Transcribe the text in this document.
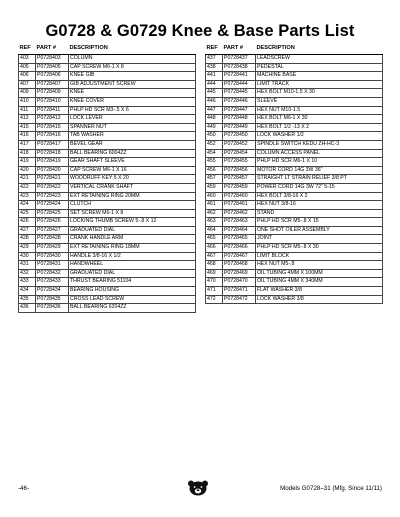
G0728 & G0729 Knee & Base Parts List
REF	PART #	DESCRIPTION
403	P0728403	COLUMN
405	P0728405	CAP SCREW M6-1 X 8
406	P0728406	KNEE GIB
407	P0728407	GIB ADJUSTMENT SCREW
409	P0728409	KNEE
410	P0728410	KNEE COVER
411	P0728411	PHLP HD SCR M3-.5 X 6
412	P0728412	LOCK LEVER
415	P0728415	SPANNER NUT
416	P0728416	TAB WASHER
417	P0728417	BEVEL GEAR
418	P0728418	BALL BEARING 6004ZZ
419	P0728419	GEAR SHAFT SLEEVE
420	P0728420	CAP SCREW M6-1 X 16
421	P0728421	WOODRUFF KEY 5 X 20
422	P0728422	VERTICAL CRANK SHAFT
423	P0728423	EXT RETAINING RING 20MM
424	P0728424	CLUTCH
425	P0728425	SET SCREW M6-1 X 8
426	P0728426	LOCKING THUMB SCREW 5-.8 X 12
427	P0728427	GRADUATED DIAL
428	P0728428	CRANK HANDLE ARM
429	P0728429	EXT RETAINING RING 18MM
430	P0728430	HANDLE 3/8-16 X 1/2
431	P0728431	HANDWHEEL
432	P0728432	GRADUATED DIAL
433	P0728433	THRUST BEARING 51104
434	P0728434	BEARING HOUSING
435	P0728435	CROSS LEAD SCREW
436	P0728436	BALL BEARING 6204ZZ
REF	PART #	DESCRIPTION
437	P0728437	LEADSCREW
438	P0728438	PEDESTAL
441	P0728441	MACHINE BASE
444	P0728444	LIMIT TRACK
445	P0728445	HEX BOLT M10-1.5 X 30
446	P0728446	SLEEVE
447	P0728447	HEX NUT M10-1.5
448	P0728448	HEX BOLT M6-1 X 30
449	P0728449	HEX BOLT 1/2 -13 X 2
450	P0728450	LOCK WASHER 1/2
452	P0728452	SPINDLE SWITCH KEDU ZH-HC-3
454	P0728454	COLUMN ACCESS PANEL
455	P0728455	PHLP HD SCR M6-1 X 10
456	P0728456	MOTOR CORD 14G 3W 36"
457	P0728457	STRAIGHT LT STRAIN RELIEF 3/8 PT
459	P0728459	POWER CORD 14G 3W 72" 5-15
460	P0728460	HEX BOLT 3/8-16 X 2
461	P0728461	HEX NUT 3/8-16
462	P0728462	STAND
463	P0728463	PHLP HD SCR M5-.8 X 15
464	P0728464	ONE SHOT OILER ASSEMBLY
465	P0728465	JOINT
466	P0728466	PHLP HD SCR M5-.8 X 30
467	P0728467	LIMIT BLOCK
468	P0728468	HEX NUT M5-.8
469	P0728469	OIL TUBING 4MM X 100MM
470	P0728470	OIL TUBING 4MM X 340MM
471	P0728471	FLAT WASHER 3/8
472	P0728472	LOCK WASHER 3/8
-46-	Models G0728–31 (Mfg. Since 11/11)
